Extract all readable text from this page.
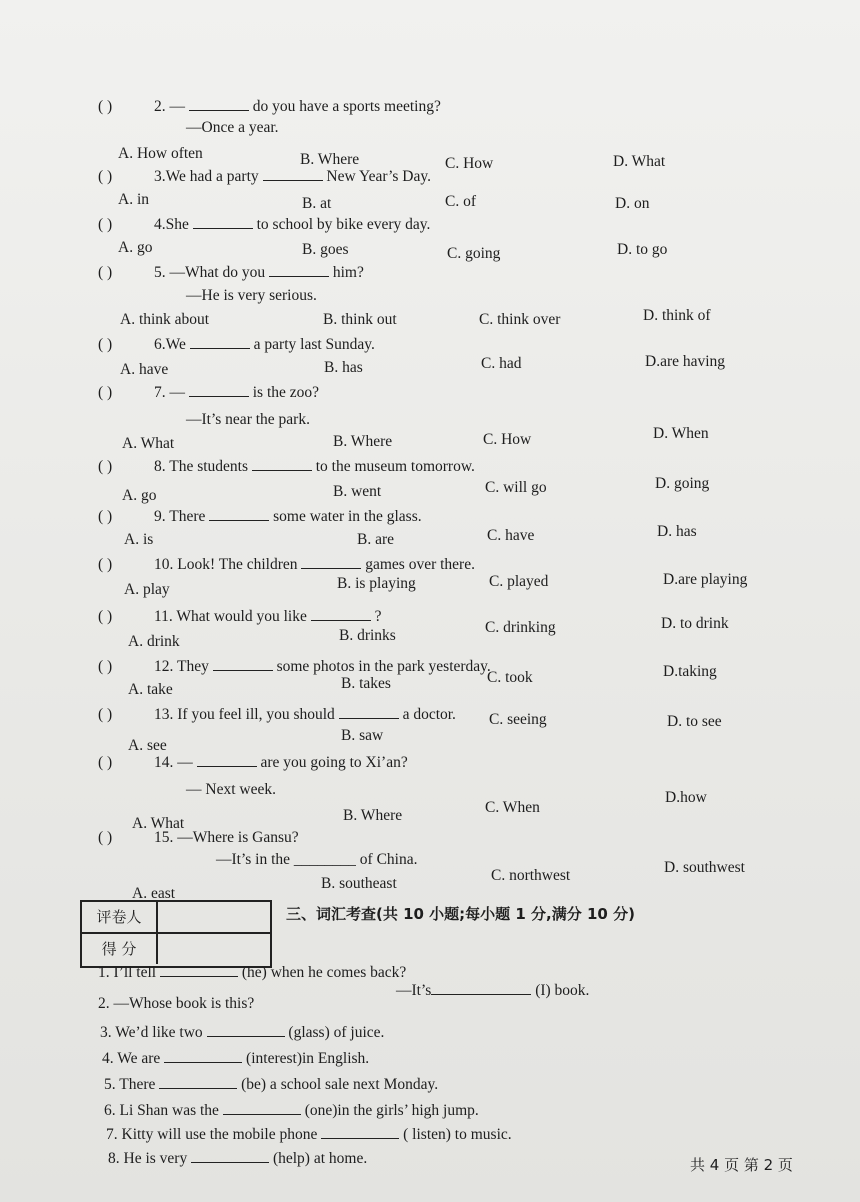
( )	2. —	do you have a sports meeting?
—Once a year.
A. How often	B. Where	C. How	D. What
( )	3.We had a party	New Year’s Day.
A. in	B. at	C. of	D. on
( )	4.She	to school by bike every day.
A. go	B. goes	C. going	D. to go
( )	5. —What do you	him?
—He is very serious.
A. think about	B. think out	C. think over	D. think of
( )	6.We	a party last Sunday.
A. have	B. has	C. had	D.are having
( )	7. —	is the zoo?
—It’s near the park.
A. What	B. Where	C. How	D. When
( )	8. The students	to the museum tomorrow.
A. go	B. went	C. will go	D. going
( )	9. There	some water in the glass.
A. is	B. are	C. have	D. has
( )	10. Look! The children	games over there.
A. play	B. is playing	C. played	D.are playing
( )	11. What would you like	?
A. drink	B. drinks	C. drinking	D. to drink
( )	12. They	some photos in the park yesterday.
A. take	B. takes	C. took	D.taking
( )	13. If you feel ill, you should	a doctor.
A. see
B. saw
C. seeing	D. to see
( )	14. —	are you going to Xi’an?
— Next week.
A. What	B. Where	C. When
D.how
( )	15. —Where is Gansu?
—It’s in the ________ of China.
A. east
B. southeast	C. northwest	D. southwest
评卷人
得 分
三、词汇考查(共 10 小题;每小题 1 分,满分 10 分)
1. I’ll tell	(he) when he comes back?
2. —Whose book is this?
3. We’d like two	(glass) of juice.
4. We are	(interest)in English.
5. There	(be) a school sale next Monday.
6. Li Shan was the	(one)in the girls’ high jump.
7. Kitty will use the mobile phone	( listen) to music.
8. He is very	(help) at home.
—It’s	(I) book.
共 4 页 第 2 页
